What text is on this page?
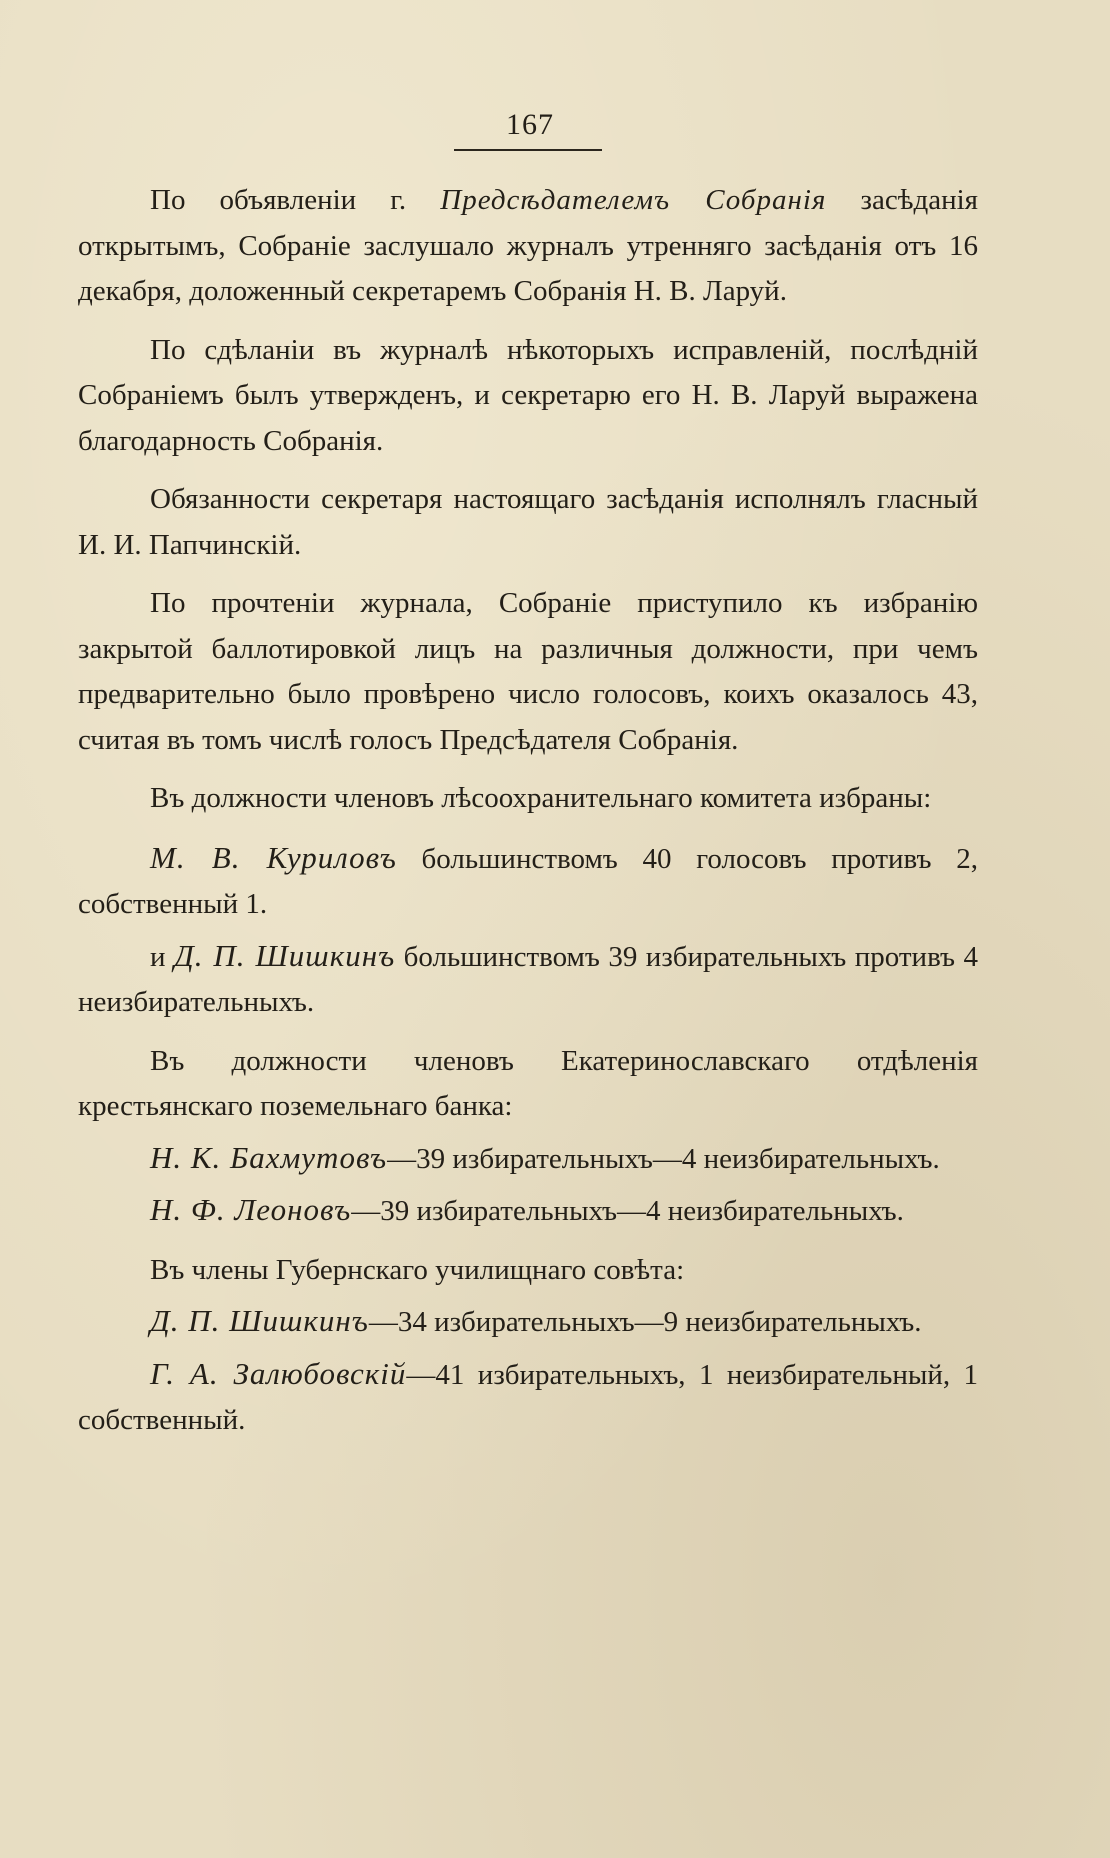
167

По объявленіи г. Предсѣдателемъ Собранія засѣданія открытымъ, Собраніе заслушало журналъ утренняго засѣданія отъ 16 декабря, доложенный секретаремъ Собранія Н. В. Ларуй.

По сдѣланіи въ журналѣ нѣкоторыхъ исправленій, послѣдній Собраніемъ былъ утвержденъ, и секретарю его Н. В. Ларуй выражена благодарность Собранія.

Обязанности секретаря настоящаго засѣданія исполнялъ гласный И. И. Папчинскій.

По прочтеніи журнала, Собраніе приступило къ избранію закрытой баллотировкой лицъ на различныя должности, при чемъ предварительно было провѣрено число голосовъ, коихъ оказалось 43, считая въ томъ числѣ голосъ Предсѣдателя Собранія.

Въ должности членовъ лѣсоохранительнаго комитета избраны:

М. В. Куриловъ большинствомъ 40 голосовъ противъ 2, собственный 1.

и Д. П. Шишкинъ большинствомъ 39 избирательныхъ противъ 4 неизбирательныхъ.

Въ должности членовъ Екатеринославскаго отдѣленія крестьянскаго поземельнаго банка:

Н. К. Бахмутовъ—39 избирательныхъ—4 неизбирательныхъ.

Н. Ф. Леоновъ—39 избирательныхъ—4 неизбирательныхъ.

Въ члены Губернскаго училищнаго совѣта:

Д. П. Шишкинъ—34 избирательныхъ—9 неизбирательныхъ.

Г. А. Залюбовскій—41 избирательныхъ, 1 неизбирательный, 1 собственный.
